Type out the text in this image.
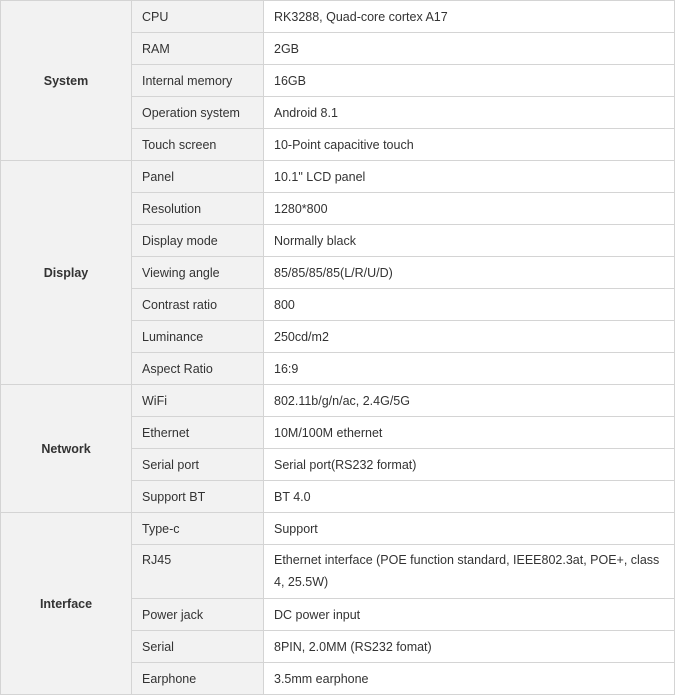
System	CPU	RK3288, Quad-core cortex A17
	RAM	2GB
	Internal memory	16GB
	Operation system	Android 8.1
	Touch screen	10-Point capacitive touch
Display	Panel	10.1" LCD panel
	Resolution	1280*800
	Display mode	Normally black
	Viewing angle	85/85/85/85(L/R/U/D)
	Contrast ratio	800
	Luminance	250cd/m2
	Aspect Ratio	16:9
Network	WiFi	802.11b/g/n/ac, 2.4G/5G
	Ethernet	10M/100M ethernet
	Serial port	Serial port(RS232 format)
	Support BT	BT 4.0
Interface	Type-c	Support
	RJ45	Ethernet interface (POE function standard, IEEE802.3at, POE+, class 4, 25.5W)
	Power jack	DC power input
	Serial	8PIN, 2.0MM (RS232 fomat)
	Earphone	3.5mm earphone
